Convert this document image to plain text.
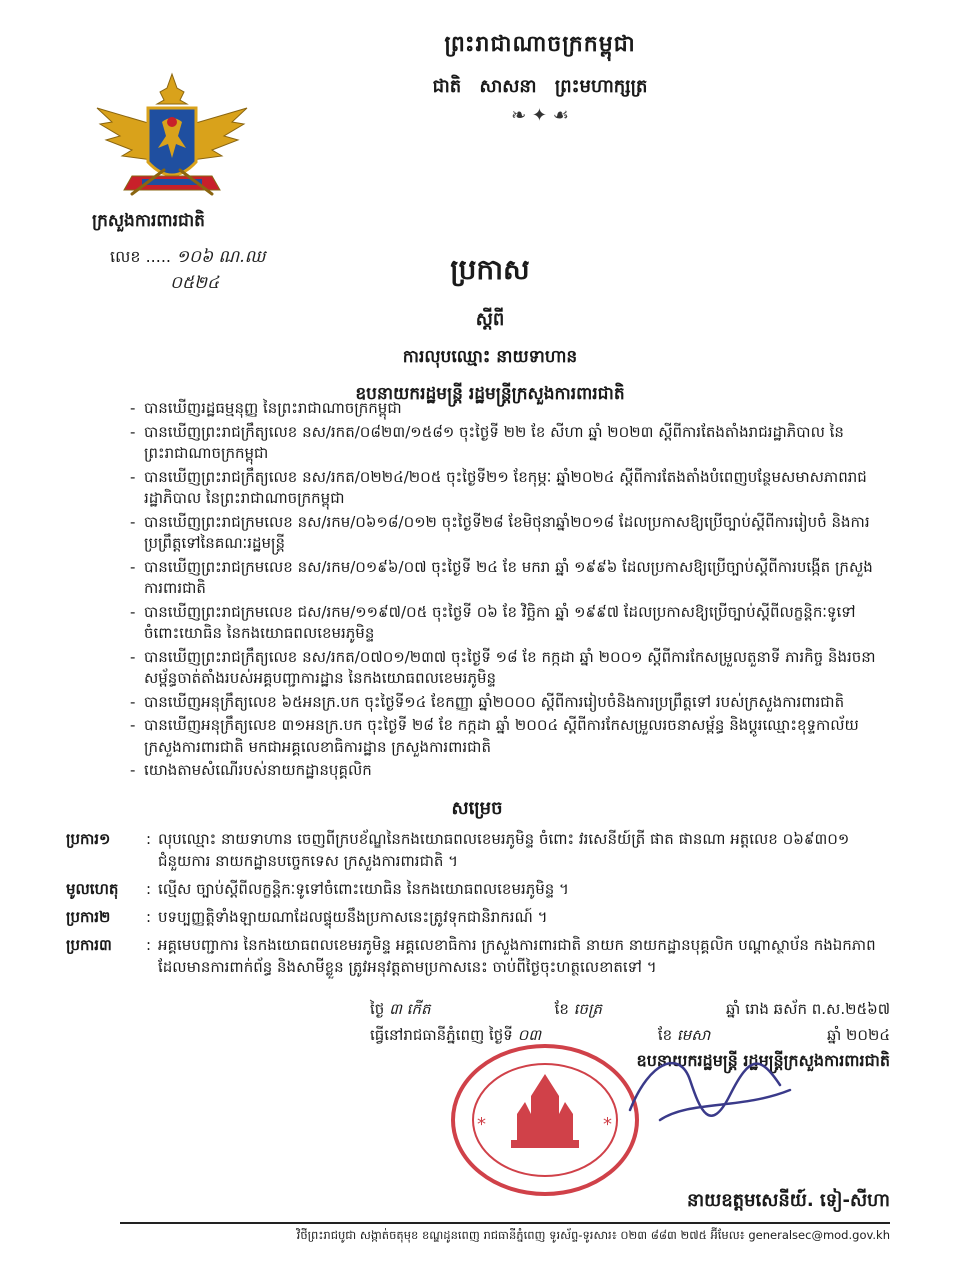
ព្រះរាជាណាចក្រកម្ពុជា
ជាតិ សាសនា ព្រះមហាក្សត្រ
❧ ✦ ☙
ក្រសួងការពារជាតិ
លេខ ..... ១០៦ ណ.ឈ
០៥២៤	ប្រកាស
ស្តីពី
ការលុបឈ្មោះ នាយទាហាន
ឧបនាយករដ្ឋមន្ត្រី រដ្ឋមន្ត្រីក្រសួងការពារជាតិ
- បានឃើញរដ្ឋធម្មនុញ្ញ នៃព្រះរាជាណាចក្រកម្ពុជា
- បានឃើញព្រះរាជក្រឹត្យលេខ នស/រកត/០៨២៣/១៥៨១ ចុះថ្ងៃទី ២២ ខែ សីហា ឆ្នាំ ២០២៣ ស្តីពីការតែងតាំងរាជរដ្ឋាភិបាល នៃព្រះរាជាណាចក្រកម្ពុជា
- បានឃើញព្រះរាជក្រឹត្យលេខ នស/រកត/០២២៤/២០៥ ចុះថ្ងៃទី២១ ខែកុម្ភៈ ឆ្នាំ២០២៤ ស្តីពីការតែងតាំងបំពេញបន្ថែមសមាសភាពរាជរដ្ឋាភិបាល នៃព្រះរាជាណាចក្រកម្ពុជា
- បានឃើញព្រះរាជក្រមលេខ នស/រកម/០៦១៨/០១២ ចុះថ្ងៃទី២៨ ខែមិថុនាឆ្នាំ២០១៨ ដែលប្រកាសឱ្យប្រើច្បាប់ស្តីពីការរៀបចំ និងការប្រព្រឹត្តទៅនៃគណៈរដ្ឋមន្ត្រី
- បានឃើញព្រះរាជក្រមលេខ នស/រកម/០១៩៦/០៧ ចុះថ្ងៃទី ២៤ ខែ មករា ឆ្នាំ ១៩៩៦ ដែលប្រកាសឱ្យប្រើច្បាប់ស្តីពីការបង្កើត ក្រសួងការពារជាតិ
- បានឃើញព្រះរាជក្រមលេខ ជស/រកម/១១៩៧/០៥ ចុះថ្ងៃទី ០៦ ខែ វិច្ឆិកា ឆ្នាំ ១៩៩៧ ដែលប្រកាសឱ្យប្រើច្បាប់ស្តីពីលក្ខន្តិកៈទូទៅចំពោះយោធិន នៃកងយោធពលខេមរភូមិន្ទ
- បានឃើញព្រះរាជក្រឹត្យលេខ នស/រកត/០៧០១/២៣៧ ចុះថ្ងៃទី ១៨ ខែ កក្កដា ឆ្នាំ ២០០១ ស្តីពីការកែសម្រួលតួនាទី ភារកិច្ច និងរចនាសម្ព័ន្ធចាត់តាំងរបស់អគ្គបញ្ជាការដ្ឋាន នៃកងយោធពលខេមរភូមិន្ទ
- បានឃើញអនុក្រឹត្យលេខ ៦៥អនក្រ.បក ចុះថ្ងៃទី១៤ ខែកញ្ញា ឆ្នាំ២០០០ ស្តីពីការរៀបចំនិងការប្រព្រឹត្តទៅ របស់ក្រសួងការពារជាតិ
- បានឃើញអនុក្រឹត្យលេខ ៣១អនក្រ.បក ចុះថ្ងៃទី ២៨ ខែ កក្កដា ឆ្នាំ ២០០៤ ស្តីពីការកែសម្រួលរចនាសម្ព័ន្ធ និងប្តូរឈ្មោះខុទ្ទកាល័យ ក្រសួងការពារជាតិ មកជាអគ្គលេខាធិការដ្ឋាន ក្រសួងការពារជាតិ
- យោងតាមសំណើរបស់នាយកដ្ឋានបុគ្គលិក
សម្រេច
ប្រការ១	: លុបឈ្មោះ នាយទាហាន ចេញពីក្របខ័ណ្ឌនៃកងយោធពលខេមរភូមិន្ទ ចំពោះ វរសេនីយ៍ត្រី ផាត ផានណា អត្តលេខ ០៦៩៣០១ ជំនួយការ នាយកដ្ឋានបច្ចេកទេស ក្រសួងការពារជាតិ ។
មូលហេតុ	: ល្មើស ច្បាប់ស្តីពីលក្ខន្តិកៈទូទៅចំពោះយោធិន នៃកងយោធពលខេមរភូមិន្ទ ។
ប្រការ២	: បទប្បញ្ញត្តិទាំងឡាយណាដែលផ្ទុយនឹងប្រកាសនេះត្រូវទុកជានិរាករណ៍ ។
ប្រការ៣	: អគ្គមេបញ្ជាការ នៃកងយោធពលខេមរភូមិន្ទ អគ្គលេខាធិការ ក្រសួងការពារជាតិ នាយក នាយកដ្ឋានបុគ្គលិក បណ្តាស្ថាប័ន កងឯកភាព ដែលមានការពាក់ព័ន្ធ និងសាមីខ្លួន ត្រូវអនុវត្តតាមប្រកាសនេះ ចាប់ពីថ្ងៃចុះហត្ថលេខាតទៅ ។
ថ្ងៃ ៣ កើត	ខែ ចេត្រ	ឆ្នាំ រោង ឆស័ក ព.ស.២៥៦៧
ធ្វើនៅរាជធានីភ្នំពេញ ថ្ងៃទី ០៣	ខែ មេសា	ឆ្នាំ ២០២៤
ឧបនាយករដ្ឋមន្ត្រី រដ្ឋមន្ត្រីក្រសួងការពារជាតិ
*	*
នាយឧត្តមសេនីយ៍. ទៀ-សីហា
វិថីព្រះរាជបូជា សង្កាត់ចតុមុខ ខណ្ឌដូនពេញ រាជធានីភ្នំពេញ ទូរស័ព្ទ-ទូរសារ៖ ០២៣ ៨៨៣ ២៧៥ អ៊ីមែល៖ generalsec@mod.gov.kh
